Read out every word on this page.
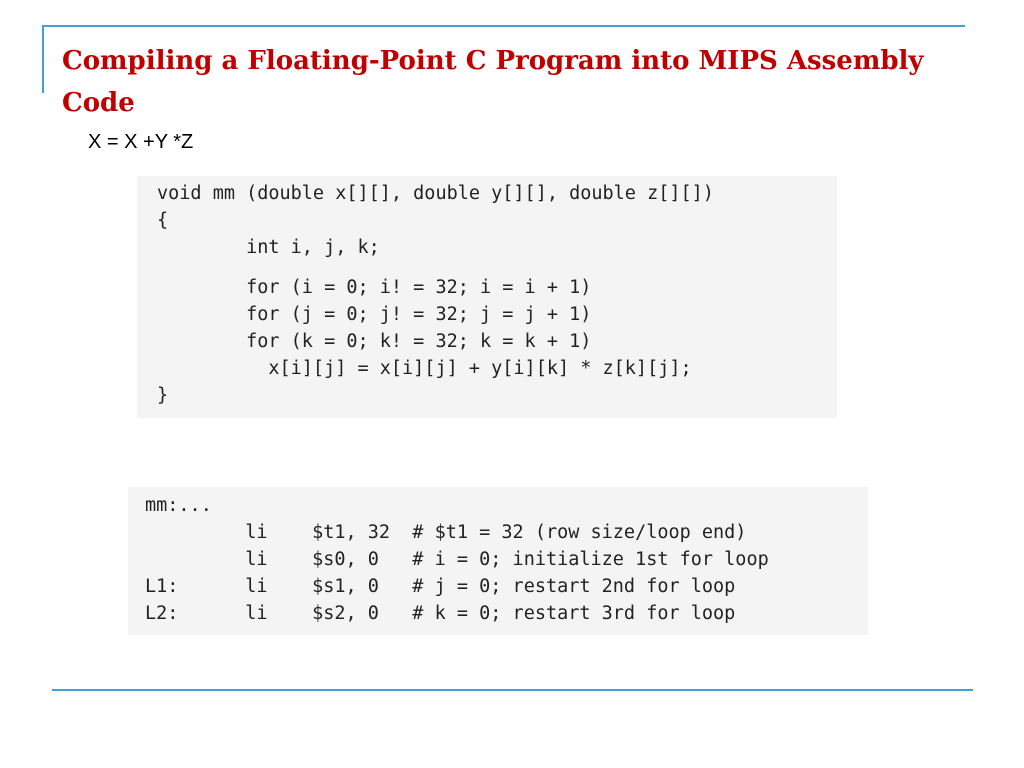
Compiling a Floating-Point C Program into MIPS Assembly Code
X = X +Y *Z
void mm (double x[][], double y[][], double z[][])
{
int i, j, k;
for (i = 0; i! = 32; i = i + 1)
for (j = 0; j! = 32; j = j + 1)
for (k = 0; k! = 32; k = k + 1)
x[i][j] = x[i][j] + y[i][k] * z[k][j];
}
mm:...
li    $t1, 32  # $t1 = 32 (row size/loop end)
li    $s0, 0   # i = 0; initialize 1st for loop
L1:      li    $s1, 0   # j = 0; restart 2nd for loop
L2:      li    $s2, 0   # k = 0; restart 3rd for loop
